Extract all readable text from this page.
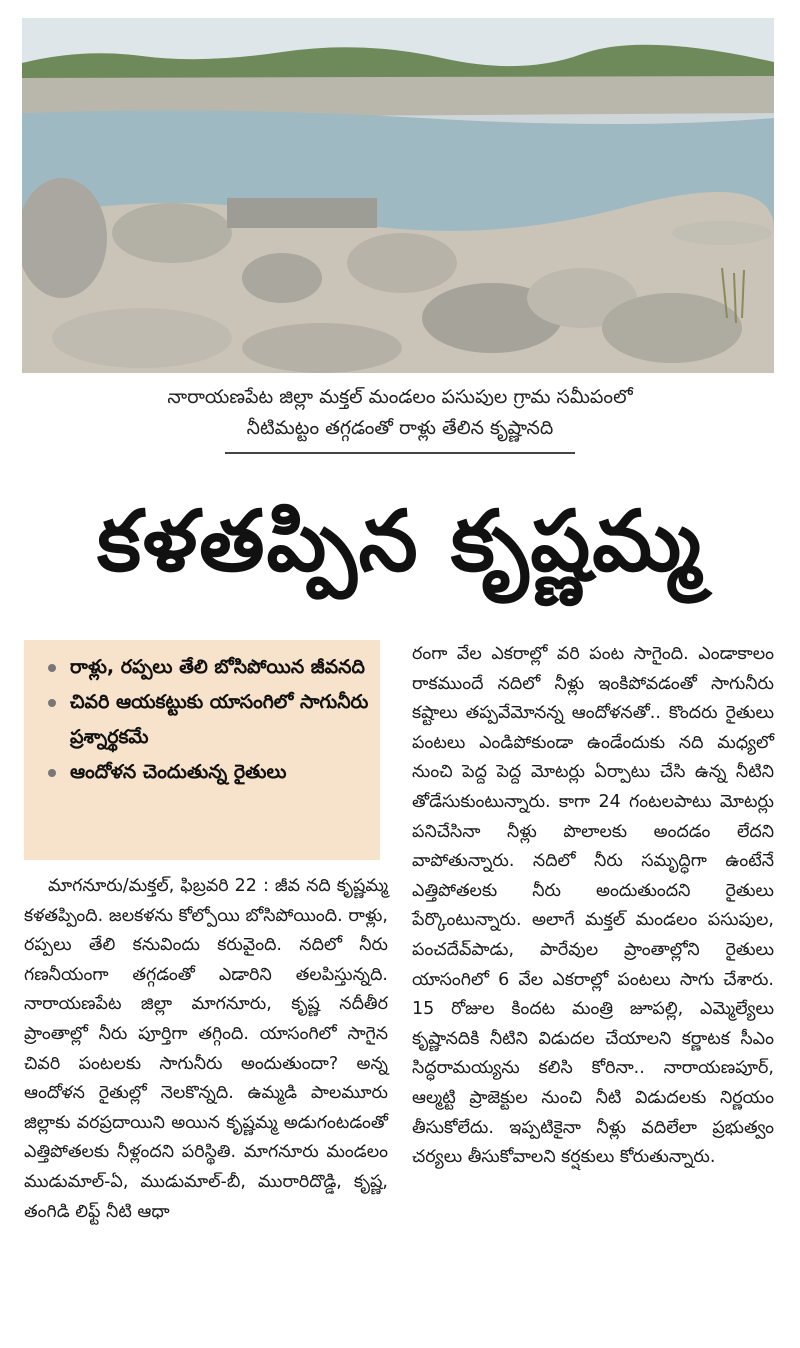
నారాయణపేట జిల్లా మక్తల్ మండలం పసుపుల గ్రామ సమీపంలో
నీటిమట్టం తగ్గడంతో రాళ్లు తేలిన కృష్ణానది
కళతప్పిన కృష్ణమ్మ
రాళ్లు, రప్పలు తేలి బోసిపోయిన జీవనది
చివరి ఆయకట్టుకు యాసంగిలో సాగునీరు ప్రశ్నార్థకమే
ఆందోళన చెందుతున్న రైతులు

మాగనూరు/మక్తల్, ఫిబ్రవరి 22 : జీవ నది కృష్ణమ్మ కళతప్పింది. జలకళను కోల్పోయి బోసిపోయింది. రాళ్లు, రప్పలు తేలి కనువిందు కరువైంది. నదిలో నీరు గణనీయంగా తగ్గడంతో ఎడారిని తలపిస్తున్నది. నారాయణపేట జిల్లా మాగనూరు, కృష్ణ నదీతీర ప్రాంతాల్లో నీరు పూర్తిగా తగ్గింది. యాసంగిలో సాగైన చివరి పంటలకు సాగునీరు అందుతుందా? అన్న ఆందోళన రైతుల్లో నెలకొన్నది. ఉమ్మడి పాలమూరు జిల్లాకు వరప్రదాయిని అయిన కృష్ణమ్మ అడుగంటడంతో ఎత్తిపోతలకు నీళ్లందని పరిస్థితి. మాగనూరు మండలం ముడుమాల్-ఏ, ముడుమాల్-బీ, మురారిదొడ్డి, కృష్ణ, తంగిడి లిఫ్ట్ నీటి ఆధా

రంగా వేల ఎకరాల్లో వరి పంట సాగైంది. ఎండాకాలం రాకముందే నదిలో నీళ్లు ఇంకిపోవడంతో సాగునీరు కష్టాలు తప్పవేమోనన్న ఆందోళనతో.. కొందరు రైతులు పంటలు ఎండిపోకుండా ఉండేందుకు నది మధ్యలో నుంచి పెద్ద పెద్ద మోటర్లు ఏర్పాటు చేసి ఉన్న నీటిని తోడేసుకుంటున్నారు. కాగా 24 గంటలపాటు మోటర్లు పనిచేసినా నీళ్లు పొలాలకు అందడం లేదని వాపోతున్నారు. నదిలో నీరు సమృద్ధిగా ఉంటేనే ఎత్తిపోతలకు నీరు అందుతుందని రైతులు పేర్కొంటున్నారు. అలాగే మక్తల్ మండలం పసుపుల, పంచదేవ్‌పాడు, పారేవుల ప్రాంతాల్లోని రైతులు యాసంగిలో 6 వేల ఎకరాల్లో పంటలు సాగు చేశారు. 15 రోజుల కిందట మంత్రి జూపల్లి, ఎమ్మెల్యేలు కృష్ణానదికి నీటిని విడుదల చేయాలని కర్ణాటక సీఎం సిద్ధరామయ్యను కలిసి కోరినా.. నారాయణపూర్, ఆల్మట్టి ప్రాజెక్టుల నుంచి నీటి విడుదలకు నిర్ణయం తీసుకోలేదు. ఇప్పటికైనా నీళ్లు వదిలేలా ప్రభుత్వం చర్యలు తీసుకోవాలని కర్షకులు కోరుతున్నారు.
